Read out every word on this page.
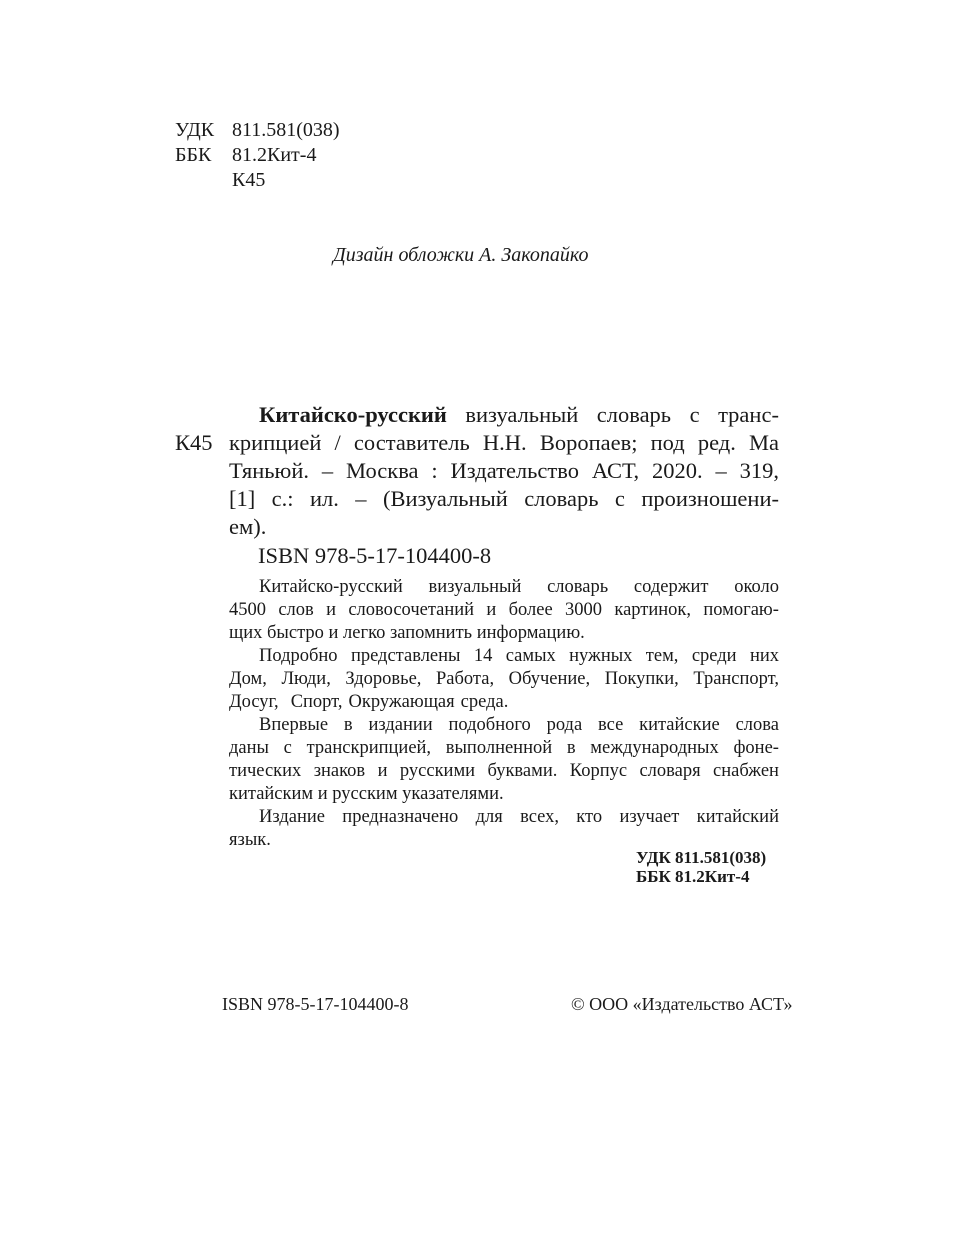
УДК 811.581(038)
ББК 81.2Кит-4
К45
Дизайн обложки А. Закопайко
К45
Китайско-русский визуальный словарь с транс-
крипцией / составитель Н.Н. Воропаев; под ред. Ма
Тяньюй. – Москва : Издательство АСТ, 2020. – 319,
[1] с.: ил. – (Визуальный словарь с произношени-
ем).
ISBN 978-5-17-104400-8
Китайско-русский визуальный словарь содержит около
4500 слов и словосочетаний и более 3000 картинок, помогаю-
щих быстро и легко запомнить информацию.
Подробно представлены 14 самых нужных тем, среди них
Дом, Люди, Здоровье, Работа, Обучение, Покупки, Транспорт,
Досуг, Спорт, Окружающая среда.
Впервые в издании подобного рода все китайские слова
даны с транскрипцией, выполненной в международных фоне-
тических знаков и русскими буквами. Корпус словаря снабжен
китайским и русским указателями.
Издание предназначено для всех, кто изучает китайский
язык.
УДК 811.581(038)
ББК 81.2Кит-4
ISBN 978-5-17-104400-8	© ООО «Издательство АСТ»
